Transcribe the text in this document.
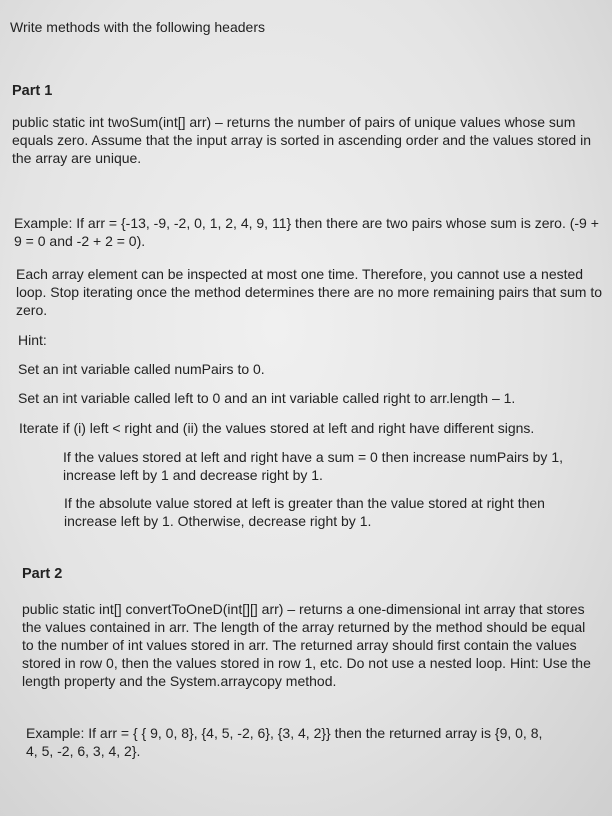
Write methods with the following headers

Part 1

public static int twoSum(int[] arr) – returns the number of pairs of unique values whose sum equals zero. Assume that the input array is sorted in ascending order and the values stored in the array are unique.

Example: If arr = {-13, -9, -2, 0, 1, 2, 4, 9, 11} then there are two pairs whose sum is zero. (-9 + 9 = 0 and -2 + 2 = 0).

Each array element can be inspected at most one time. Therefore, you cannot use a nested loop. Stop iterating once the method determines there are no more remaining pairs that sum to zero.

Hint:

Set an int variable called numPairs to 0.

Set an int variable called left to 0 and an int variable called right to arr.length – 1.

Iterate if (i) left < right and (ii) the values stored at left and right have different signs.

If the values stored at left and right have a sum = 0 then increase numPairs by 1, increase left by 1 and decrease right by 1.

If the absolute value stored at left is greater than the value stored at right then increase left by 1. Otherwise, decrease right by 1.

Part 2

public static int[] convertToOneD(int[][] arr) – returns a one-dimensional int array that stores the values contained in arr. The length of the array returned by the method should be equal to the number of int values stored in arr. The returned array should first contain the values stored in row 0, then the values stored in row 1, etc. Do not use a nested loop. Hint: Use the length property and the System.arraycopy method.

Example: If arr = { { 9, 0, 8}, {4, 5, -2, 6}, {3, 4, 2}} then the returned array is {9, 0, 8, 4, 5, -2, 6, 3, 4, 2}.
